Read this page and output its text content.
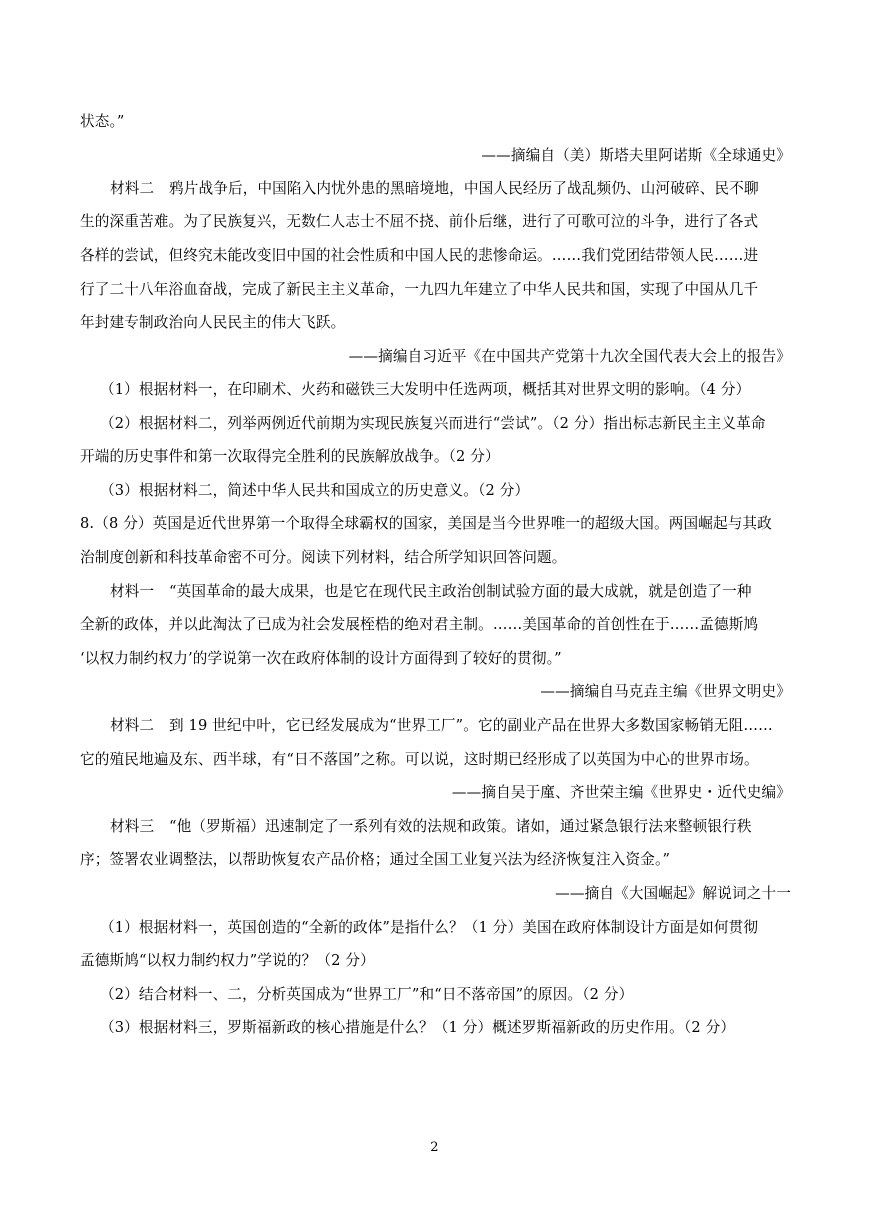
状态。”
——摘编自（美）斯塔夫里阿诺斯《全球通史》
材料二　鸦片战争后，中国陷入内忧外患的黑暗境地，中国人民经历了战乱频仍、山河破碎、民不聊
生的深重苦难。为了民族复兴，无数仁人志士不屈不挠、前仆后继，进行了可歌可泣的斗争，进行了各式
各样的尝试，但终究未能改变旧中国的社会性质和中国人民的悲惨命运。……我们党团结带领人民……进
行了二十八年浴血奋战，完成了新民主主义革命，一九四九年建立了中华人民共和国，实现了中国从几千
年封建专制政治向人民民主的伟大飞跃。
——摘编自习近平《在中国共产党第十九次全国代表大会上的报告》
（1）根据材料一，在印刷术、火药和磁铁三大发明中任选两项，概括其对世界文明的影响。（4 分）
（2）根据材料二，列举两例近代前期为实现民族复兴而进行“尝试”。（2 分）指出标志新民主主义革命
开端的历史事件和第一次取得完全胜利的民族解放战争。（2 分）
（3）根据材料二，简述中华人民共和国成立的历史意义。（2 分）
8.（8 分）英国是近代世界第一个取得全球霸权的国家，美国是当今世界唯一的超级大国。两国崛起与其政
治制度创新和科技革命密不可分。阅读下列材料，结合所学知识回答问题。
材料一　“英国革命的最大成果，也是它在现代民主政治创制试验方面的最大成就，就是创造了一种
全新的政体，并以此淘汰了已成为社会发展桎梏的绝对君主制。……美国革命的首创性在于……孟德斯鸠
‘以权力制约权力’的学说第一次在政府体制的设计方面得到了较好的贯彻。”
——摘编自马克垚主编《世界文明史》
材料二　到 19 世纪中叶，它已经发展成为“世界工厂”。它的副业产品在世界大多数国家畅销无阻……
它的殖民地遍及东、西半球，有“日不落国”之称。可以说，这时期已经形成了以英国为中心的世界市场。
——摘自吴于廑、齐世荣主编《世界史・近代史编》
材料三　“他（罗斯福）迅速制定了一系列有效的法规和政策。诸如，通过紧急银行法来整顿银行秩
序；签署农业调整法，以帮助恢复农产品价格；通过全国工业复兴法为经济恢复注入资金。”
——摘自《大国崛起》解说词之十一
（1）根据材料一，英国创造的“全新的政体”是指什么？（1 分）美国在政府体制设计方面是如何贯彻
孟德斯鸠“以权力制约权力”学说的？（2 分）
（2）结合材料一、二，分析英国成为“世界工厂”和“日不落帝国”的原因。（2 分）
（3）根据材料三，罗斯福新政的核心措施是什么？（1 分）概述罗斯福新政的历史作用。（2 分）
2
